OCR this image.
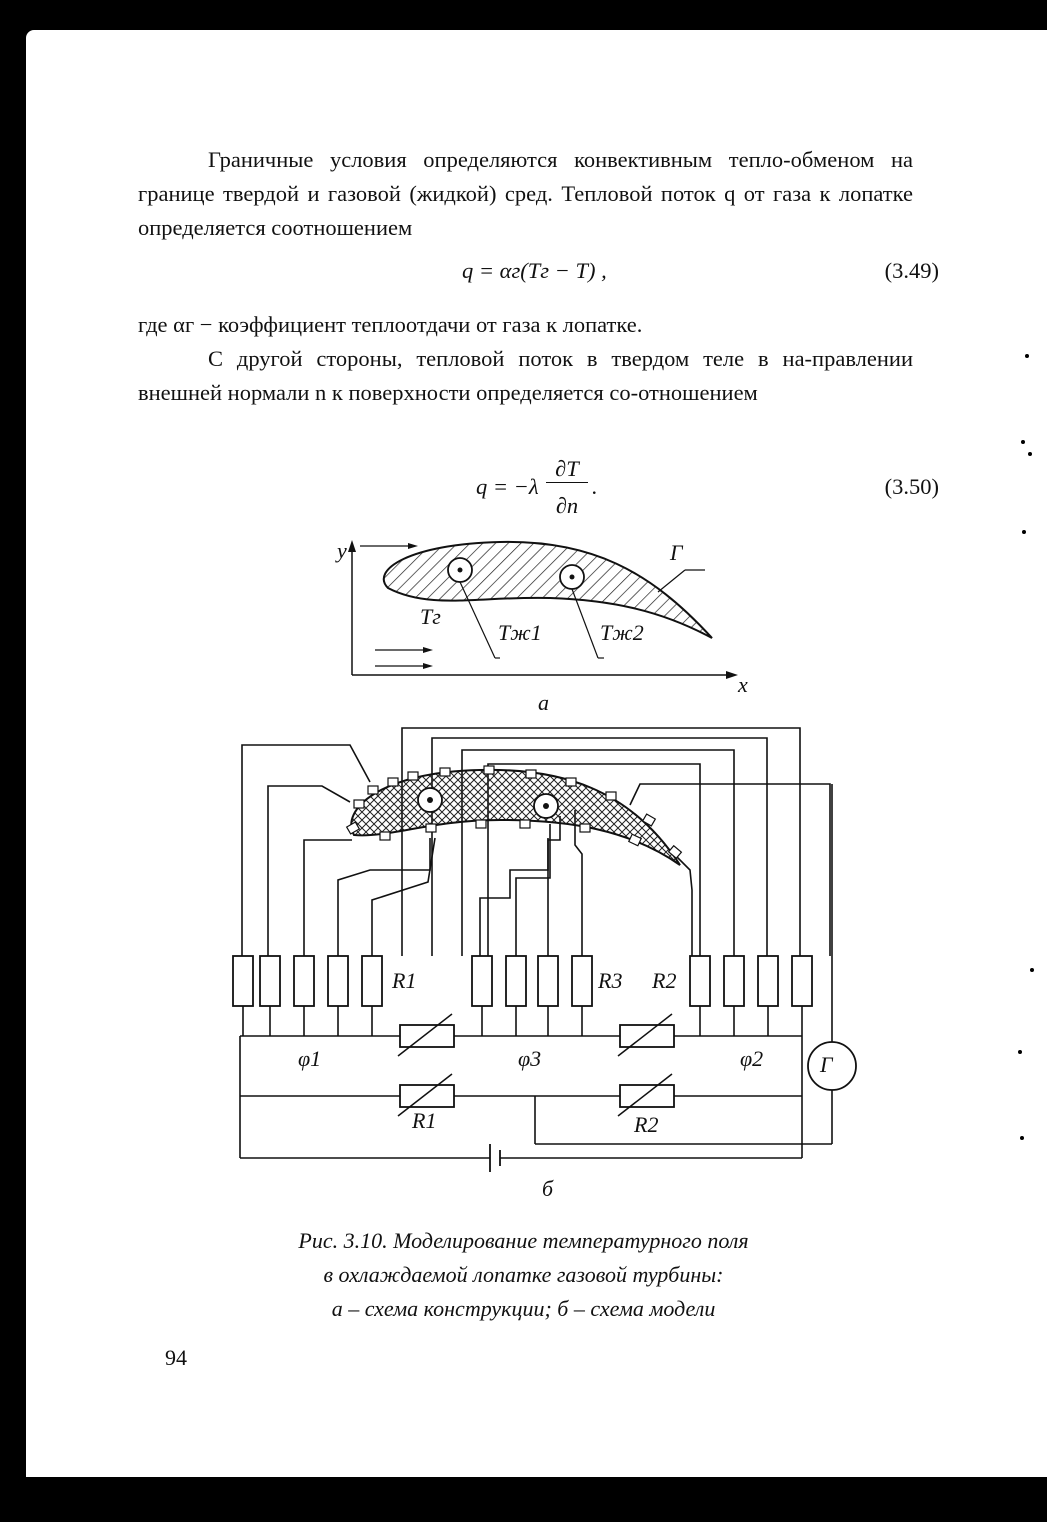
Граничные условия определяются конвективным тепло-обменом на границе твердой и газовой (жидкой) сред. Тепловой поток q от газа к лопатке определяется соотношением
q = αг(Tг − T) ,	(3.49)
где αг − коэффициент теплоотдачи от газа к лопатке.
С другой стороны, тепловой поток в твердом теле в на-правлении внешней нормали n к поверхности определяется со-отношением
q = −λ
∂T
∂n
.	(3.50)
y
x
Г
Tг
Tж1	Tж2
а
R1	R3 R2
φ1	φ3	φ2	Г
R1	R2
б
Рис. 3.10. Моделирование температурного поля
в охлаждаемой лопатке газовой турбины:
а – схема конструкции; б – схема модели
94
